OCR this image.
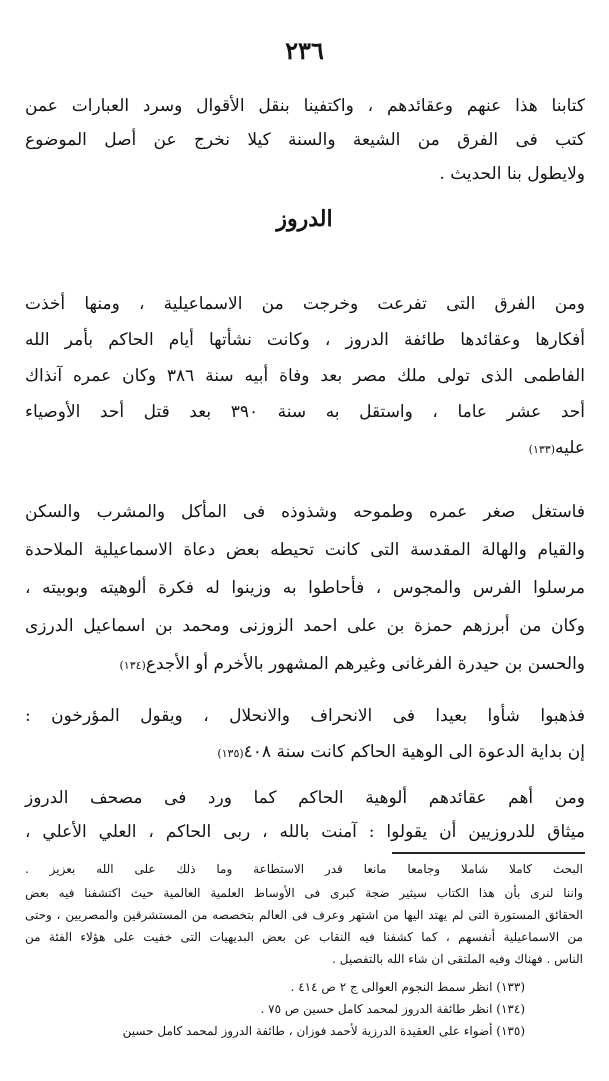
٢٣٦
كتابنا هذا عنهم وعقائدهم ، واكتفينا بنقل الأقوال وسرد العبارات عمن
كتب فى الفرق من الشيعة والسنة كيلا نخرج عن أصل الموضوع
ولايطول بنا الحديث .
الدروز
ومن الفرق التى تفرعت وخرجت من الاسماعيلية ، ومنها أخذت
أفكارها وعقائدها طائفة الدروز ، وكانت نشأتها أيام الحاكم بأمر الله
الفاطمى الذى تولى ملك مصر بعد وفاة أبيه سنة ٣٨٦ وكان عمره آنذاك
أحد عشر عاما ، واستقل به سنة ٣٩٠ بعد قتل أحد الأوصياء
عليه(١٣٣)
فاستغل صغر عمره وطموحه وشذوذه فى المأكل والمشرب والسكن
والقيام والهالة المقدسة التى كانت تحيطه بعض دعاة الاسماعيلية الملاحدة
مرسلوا الفرس والمجوس ، فأحاطوا به وزينوا له فكرة ألوهيته وبوبيته ،
وكان من أبرزهم حمزة بن على احمد الزوزنى ومحمد بن اسماعيل الدرزى
والحسن بن حيدرة الفرغانى وغيرهم المشهور بالأخرم أو الأجدع(١٣٤)
فذهبوا شأوا بعيدا فى الانحراف والانحلال ، ويقول المؤرخون :
إن بداية الدعوة الى الوهية الحاكم كانت سنة ٤٠٨(١٣٥)
ومن أهم عقائدهم ألوهية الحاكم كما ورد فى مصحف الدروز
ميثاق للدروزيين أن يقولوا : آمنت بالله ، ربى الحاكم ، العلي الأعلي ،
البحث كاملا شاملا وجامعا مانعا قدر الاستطاعة وما ذلك على الله بعزيز .
واننا لنرى بأن هذا الكتاب سيثير ضجة كبرى فى الأوساط العلمية العالمية حيث اكتشفنا فيه بعض
الحقائق المستورة التى لم يهتد اليها من اشتهر وعرف فى العالم بتخصصه من المستشرقين والمصريين ، وحتى
من الاسماعيلية أنفسهم ، كما كشفنا فيه النقاب عن بعض البديهيات التى خفيت على هؤلاء الفئة من
الناس . فهناك وفيه الملتقى ان شاء الله بالتفصيل .
(١٣٣) انظر سمط النجوم العوالى ج ٢ ص ٤١٤ .
(١٣٤) انظر طائفة الدروز لمحمد كامل حسين ص ٧٥ .
(١٣٥) أضواء على العقيدة الدرزية لأحمد فوزان ، طائفة الدروز لمحمد كامل حسين
